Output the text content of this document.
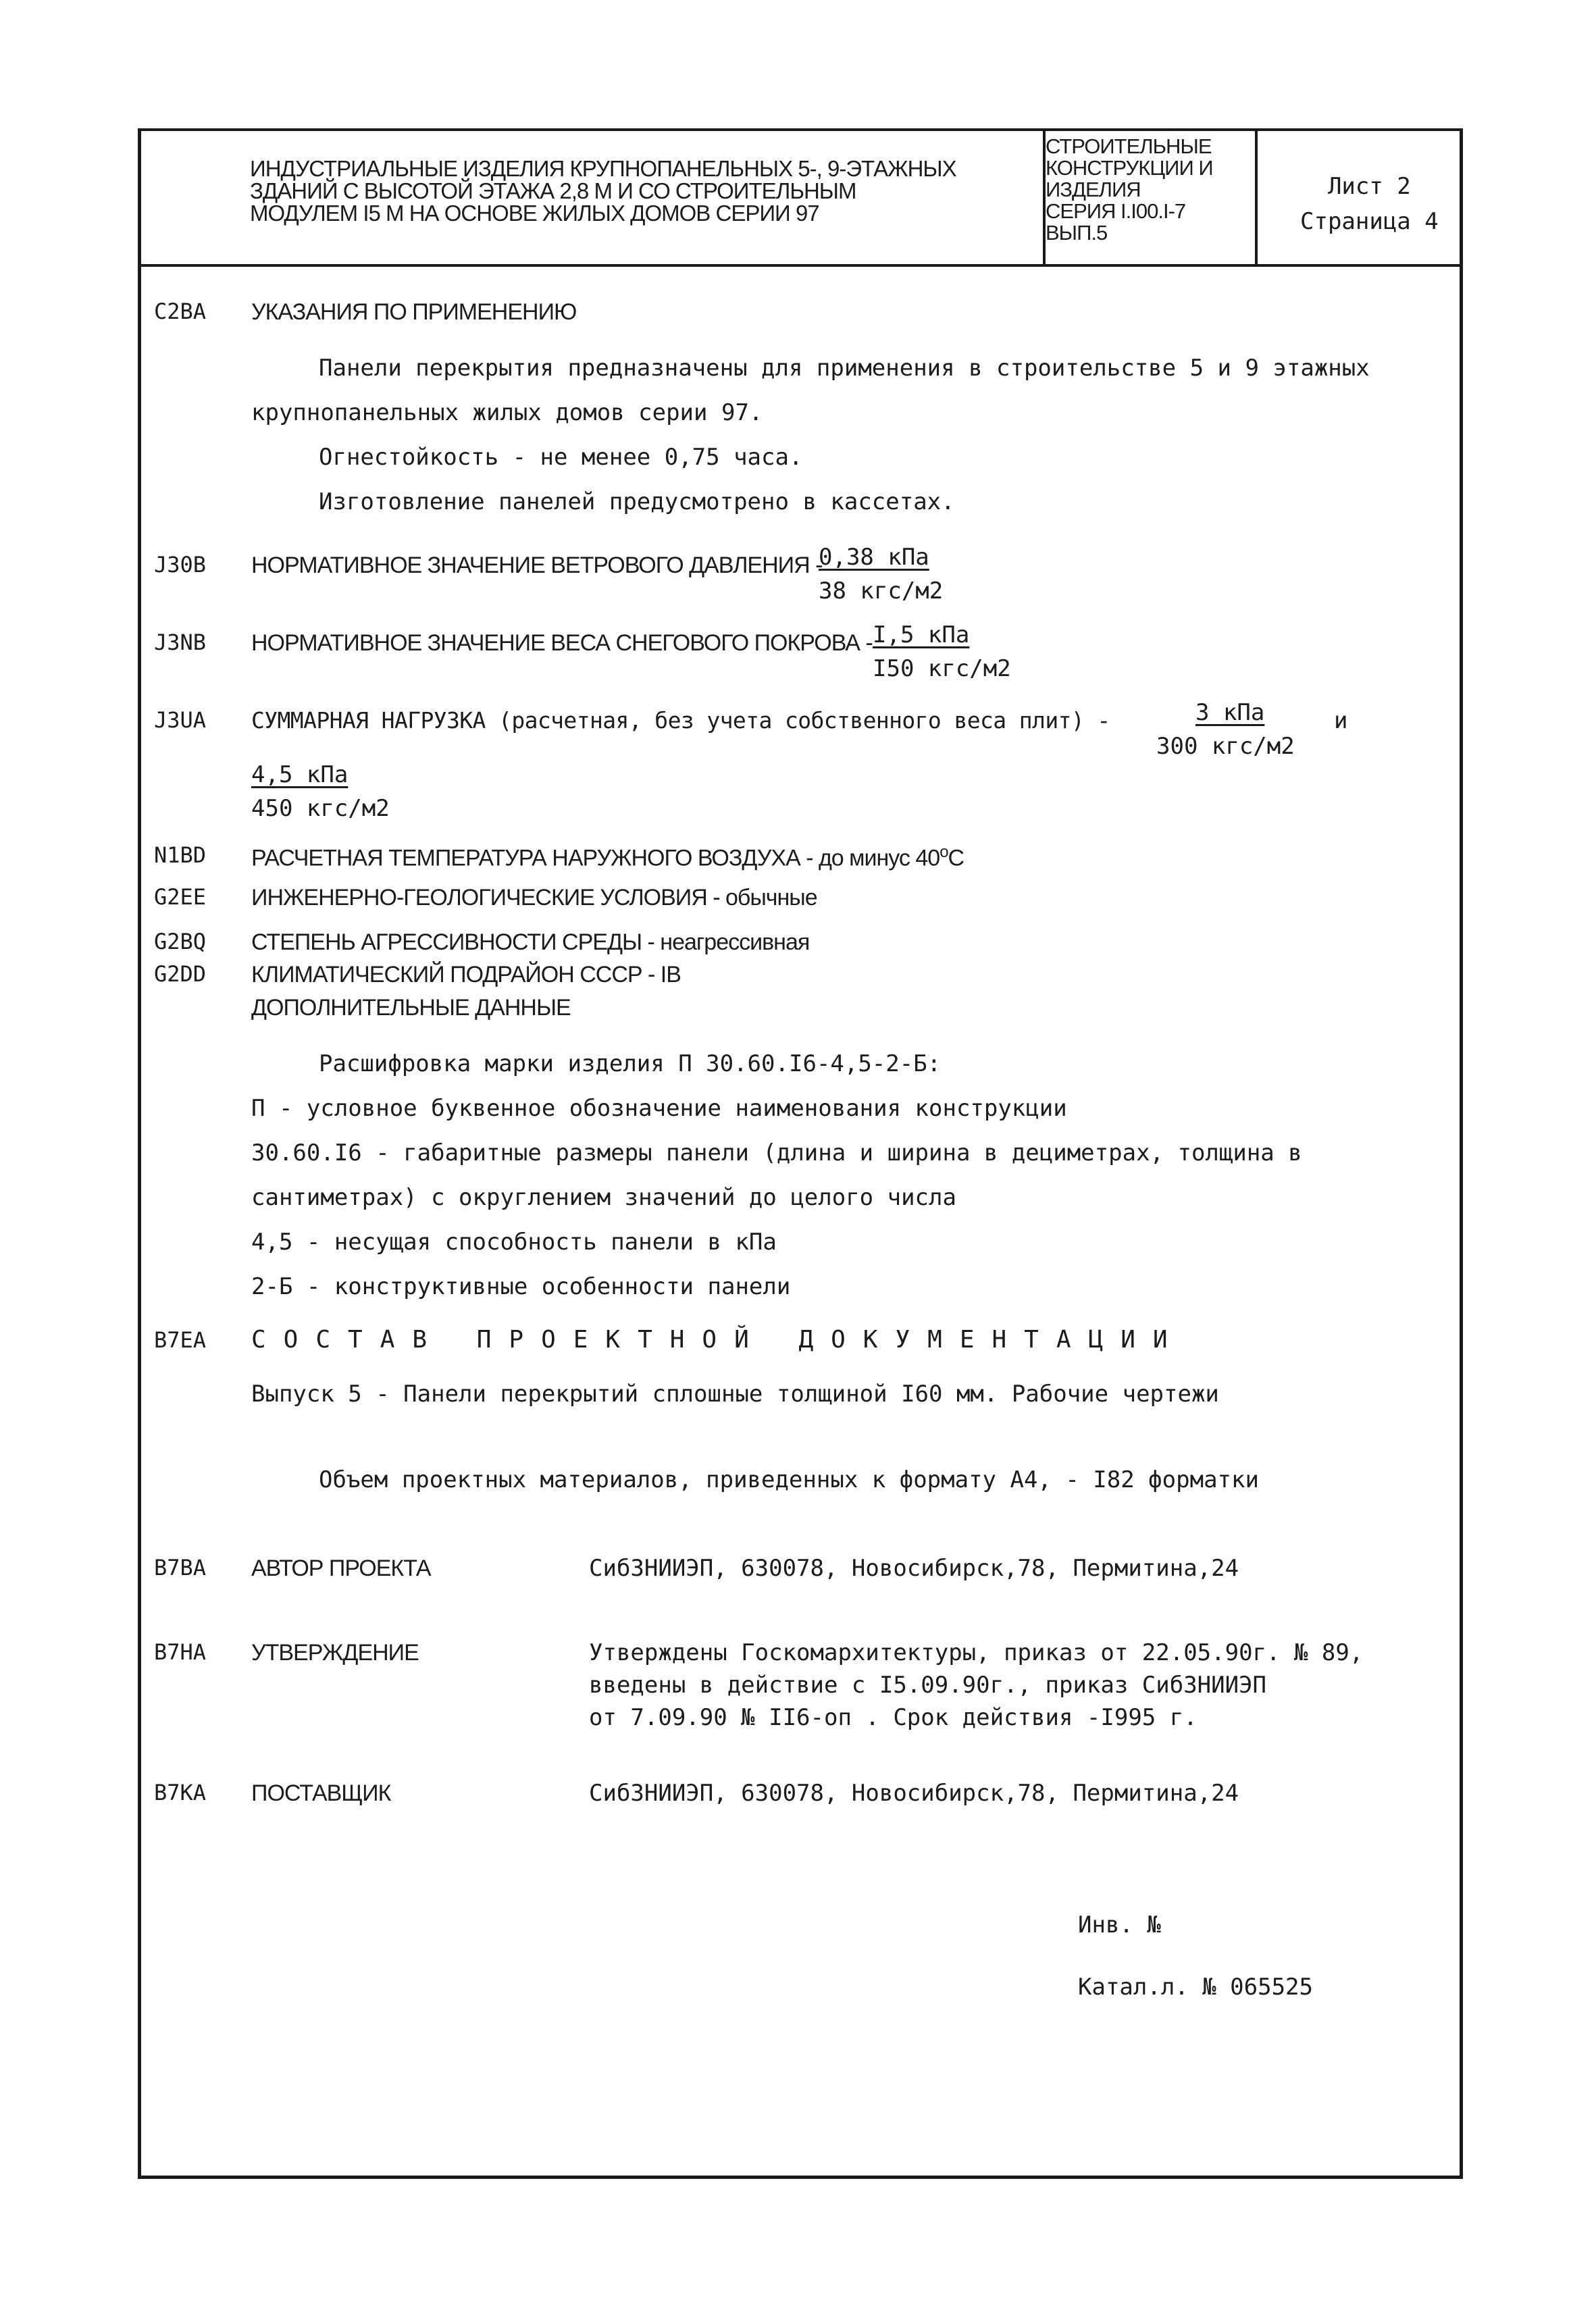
ИНДУСТРИАЛЬНЫЕ ИЗДЕЛИЯ КРУПНОПАНЕЛЬНЫХ 5-, 9-ЭТАЖНЫХ
ЗДАНИЙ С ВЫСОТОЙ ЭТАЖА 2,8 М И СО СТРОИТЕЛЬНЫМ
МОДУЛЕМ I5 М НА ОСНОВЕ ЖИЛЫХ ДОМОВ СЕРИИ 97
СТРОИТЕЛЬНЫЕ
КОНСТРУКЦИИ И
ИЗДЕЛИЯ
СЕРИЯ I.I00.I-7
ВЫП.5
Лист 2
Страница 4
C2BA УКАЗАНИЯ ПО ПРИМЕНЕНИЮ
Панели перекрытия предназначены для применения в строительстве 5 и 9 этажных
крупнопанельных жилых домов серии 97.
Огнестойкость - не менее 0,75 часа.
Изготовление панелей предусмотрено в кассетах.
J30B НОРМАТИВНОЕ ЗНАЧЕНИЕ ВЕТРОВОГО ДАВЛЕНИЯ -
0,38 кПа
38 кгс/м2
J3NB НОРМАТИВНОЕ ЗНАЧЕНИЕ ВЕСА СНЕГОВОГО ПОКРОВА - I,5 кПа
I50 кгс/м2
J3UA СУММАРНАЯ НАГРУЗКА (расчетная, без учета собственного веса плит) -	3 кПа
300 кгс/м2
и
4,5 кПа
450 кгс/м2
N1BD РАСЧЕТНАЯ ТЕМПЕРАТУРА НАРУЖНОГО ВОЗДУХА - до минус $40^оС$
G2EE ИНЖЕНЕРНО-ГЕОЛОГИЧЕСКИЕ УСЛОВИЯ - обычные
G2BQ СТЕПЕНЬ АГРЕССИВНОСТИ СРЕДЫ - неагрессивная
G2DD КЛИМАТИЧЕСКИЙ ПОДРАЙОН СССР - IВ
ДОПОЛНИТЕЛЬНЫЕ ДАННЫЕ
Расшифровка марки изделия П 30.60.I6-4,5-2-Б:
П - условное буквенное обозначение наименования конструкции
30.60.I6 - габаритные размеры панели (длина и ширина в дециметрах, толщина в
сантиметрах) с округлением значений до целого числа
4,5 - несущая способность панели в кПа
2-Б - конструктивные особенности панели
B7EA СОСТАВ ПРОЕКТНОЙ ДОКУМЕНТАЦИИ
Выпуск 5 - Панели перекрытий сплошные толщиной I60 мм. Рабочие чертежи
Объем проектных материалов, приведенных к формату А4, - I82 форматки
B7BA АВТОР ПРОЕКТА	СибЗНИИЭП, 630078, Новосибирск,78, Пермитина,24
B7HA УТВЕРЖДЕНИЕ	Утверждены Госкомархитектуры, приказ от 22.05.90г. № 89,
введены в действие с I5.09.90г., приказ СибЗНИИЭП
от 7.09.90 № II6-оп . Срок действия -I995 г.
B7KA ПОСТАВЩИК	СибЗНИИЭП, 630078, Новосибирск,78, Пермитина,24
Инв. №
Катал.л. № 065525
